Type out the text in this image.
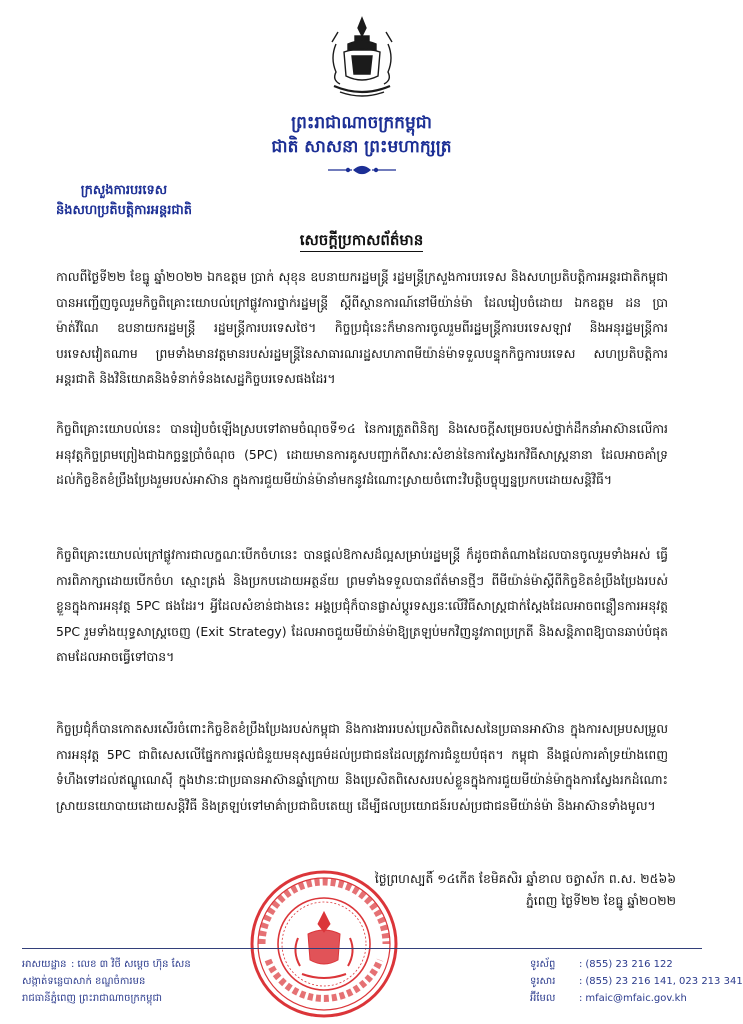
ព្រះរាជាណាចក្រកម្ពុជា
ជាតិ សាសនា ព្រះមហាក្សត្រ
ក្រសួងការបរទេស
និងសហប្រតិបត្តិការអន្តរជាតិ
សេចក្តីប្រកាសព័ត៌មាន

កាលពីថ្ងៃទី២២ ខែធ្នូ ឆ្នាំ២០២២ ឯកឧត្តម ប្រាក់ សុខុន ឧបនាយករដ្ឋមន្ត្រី រដ្ឋមន្ត្រីក្រសួងការបរទេស និងសហប្រតិបត្តិការអន្តរជាតិកម្ពុជា បានអញ្ជើញចូលរួមកិច្ចពិគ្រោះយោបល់ក្រៅផ្លូវការថ្នាក់រដ្ឋមន្ត្រី ស្តីពីស្ថានការណ៍នៅមីយ៉ាន់ម៉ា ដែលរៀបចំដោយ ឯកឧត្តម ដន ប្រាម៉ាត់វីណៃ ឧបនាយករដ្ឋមន្ត្រី រដ្ឋមន្ត្រីការបរទេសថៃ។ កិច្ចប្រជុំនេះក៏មានការចូលរួមពីរដ្ឋមន្ត្រីការបរទេសឡាវ និងអនុរដ្ឋមន្ត្រីការបរទេសវៀតណាម ព្រមទាំងមានវត្តមានរបស់រដ្ឋមន្ត្រីនៃសាធារណរដ្ឋសហភាពមីយ៉ាន់ម៉ាទទួលបន្ទុកកិច្ចការបរទេស សហប្រតិបត្តិការអន្តរជាតិ និងវិនិយោគនិងទំនាក់ទំនងសេដ្ឋកិច្ចបរទេសផងដែរ។

កិច្ចពិគ្រោះយោបល់នេះ បានរៀបចំឡើងស្របទៅតាមចំណុចទី១៤ នៃការត្រួតពិនិត្យ និងសេចក្តីសម្រេចរបស់ថ្នាក់ដឹកនាំអាស៊ានលើការអនុវត្តកិច្ចព្រមព្រៀងជាឯកច្ឆន្ទប្រាំចំណុច (5PC) ដោយមានការគូសបញ្ជាក់ពីសារៈសំខាន់នៃការស្វែងរកវិធីសាស្ត្រនានា ដែលអាចគាំទ្រដល់កិច្ចខិតខំប្រឹងប្រែងរួមរបស់អាស៊ាន ក្នុងការជួយមីយ៉ាន់ម៉ានាំមកនូវដំណោះស្រាយចំពោះវិបត្តិបច្ចុប្បន្នប្រកបដោយសន្តិវិធី។

កិច្ចពិគ្រោះយោបល់ក្រៅផ្លូវការជាលក្ខណៈបើកចំហនេះ បានផ្តល់ឱកាសដ៏ល្អសម្រាប់រដ្ឋមន្ត្រី ក៏ដូចជាតំណាងដែលបានចូលរួមទាំងអស់ ធ្វើការពិភាក្សាដោយបើកចំហ ស្មោះត្រង់ និងប្រកបដោយអត្ថន័យ ព្រមទាំងទទួលបានព័ត៌មានថ្មីៗ ពីមីយ៉ាន់ម៉ាស្តីពីកិច្ចខិតខំប្រឹងប្រែងរបស់ខ្លួនក្នុងការអនុវត្ត 5PC ផងដែរ។ អ្វីដែលសំខាន់ជាងនេះ អង្គប្រជុំក៏បានផ្លាស់ប្តូរទស្សនៈលើវិធីសាស្ត្រជាក់ស្តែងដែលអាចពន្លឿនការអនុវត្ត 5PC រួមទាំងយុទ្ធសាស្ត្រចេញ (Exit Strategy) ដែលអាចជួយមីយ៉ាន់ម៉ាឱ្យត្រឡប់មកវិញនូវភាពប្រក្រតី និងសន្តិភាពឱ្យបានឆាប់បំផុតតាមដែលអាចធ្វើទៅបាន។

កិច្ចប្រជុំក៏បានកោតសរសើរចំពោះកិច្ចខិតខំប្រឹងប្រែងរបស់កម្ពុជា និងការងាររបស់ប្រេសិតពិសេសនៃប្រធានអាស៊ាន ក្នុងការសម្របសម្រួលការអនុវត្ត 5PC ជាពិសេសលើផ្នែកការផ្តល់ជំនួយមនុស្សធម៌ដល់ប្រជាជនដែលត្រូវការជំនួយបំផុត។ កម្ពុជា នឹងផ្តល់ការគាំទ្រយ៉ាងពេញទំហឹងទៅដល់ឥណ្ឌូណេស៊ី ក្នុងឋានៈជាប្រធានអាស៊ានឆ្នាំក្រោយ និងប្រេសិតពិសេសរបស់ខ្លួនក្នុងការជួយមីយ៉ាន់ម៉ាក្នុងការស្វែងរកដំណោះស្រាយនយោបាយដោយសន្តិវិធី និងត្រឡប់ទៅមាគ៌ាប្រជាធិបតេយ្យ ដើម្បីផលប្រយោជន៍របស់ប្រជាជនមីយ៉ាន់ម៉ា និងអាស៊ានទាំងមូល។

ថ្ងៃព្រហស្បតិ៍ ១៤កើត ខែមិគសិរ ឆ្នាំខាល ចត្វាស័ក ព.ស. ២៥៦៦
ភ្នំពេញ ថ្ងៃទី២២ ខែធ្នូ ឆ្នាំ២០២២
អាសយដ្ឋាន : លេខ ៣ វិថី សម្តេច ហ៊ុន សែន
សង្កាត់ទន្លេបាសាក់ ខណ្ឌចំការមន
រាជធានីភ្នំពេញ ព្រះរាជាណាចក្រកម្ពុជា
ទូរស័ព្ទ : (855) 23 216 122
ទូរសារ : (855) 23 216 141, 023 213 341
អ៊ីមែល : mfaic@mfaic.gov.kh
